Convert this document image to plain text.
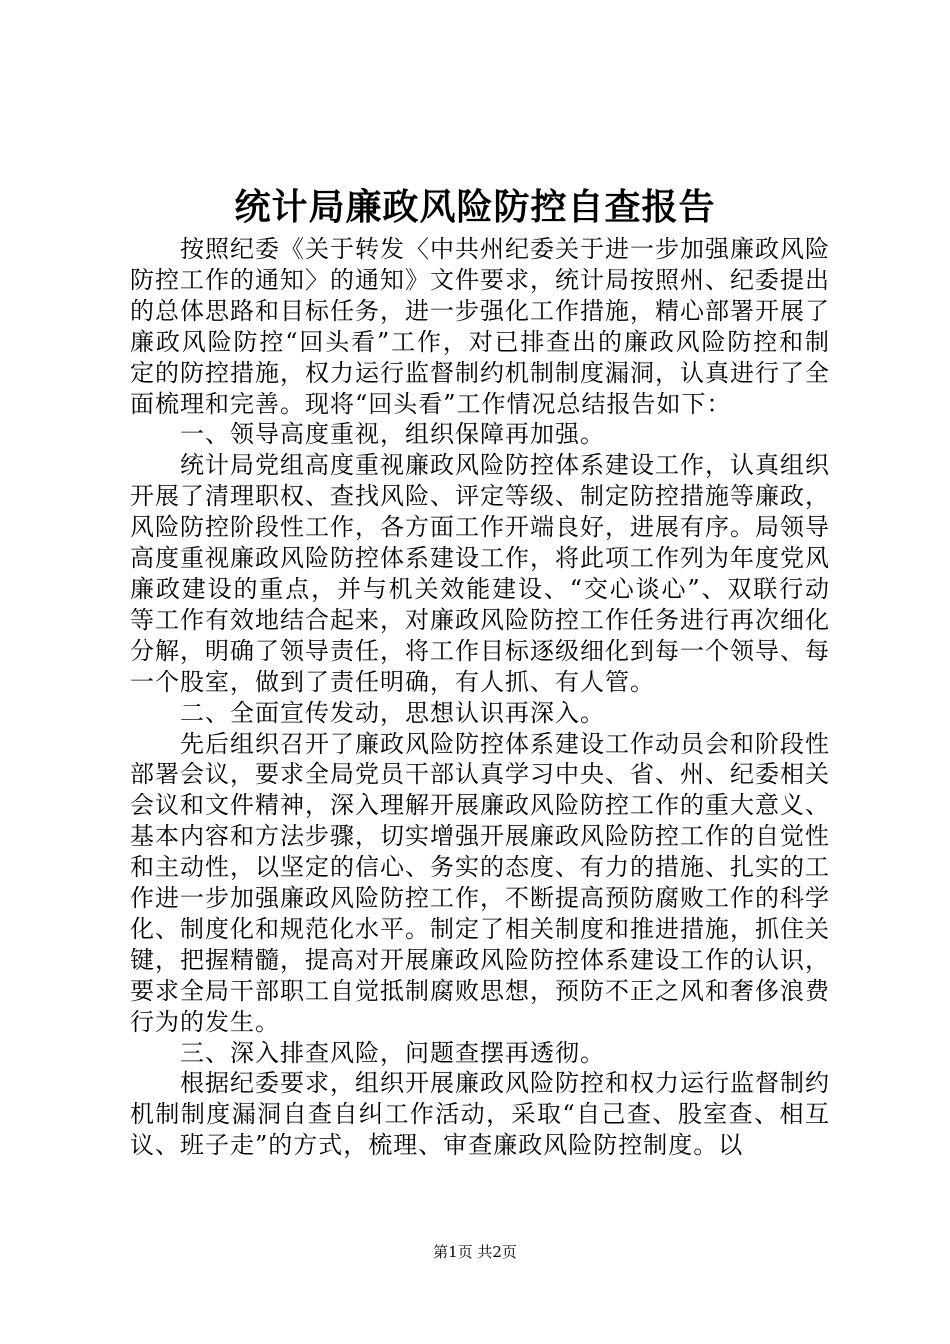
统计局廉政风险防控自查报告

按照纪委《关于转发〈中共州纪委关于进一步加强廉政风险防控工作的通知〉的通知》文件要求，统计局按照州、纪委提出的总体思路和目标任务，进一步强化工作措施，精心部署开展了廉政风险防控“回头看”工作，对已排查出的廉政风险防控和制定的防控措施，权力运行监督制约机制制度漏洞，认真进行了全面梳理和完善。现将“回头看”工作情况总结报告如下：

一、领导高度重视，组织保障再加强。

统计局党组高度重视廉政风险防控体系建设工作，认真组织开展了清理职权、查找风险、评定等级、制定防控措施等廉政，风险防控阶段性工作，各方面工作开端良好，进展有序。局领导高度重视廉政风险防控体系建设工作，将此项工作列为年度党风廉政建设的重点，并与机关效能建设、“交心谈心”、双联行动等工作有效地结合起来，对廉政风险防控工作任务进行再次细化分解，明确了领导责任，将工作目标逐级细化到每一个领导、每一个股室，做到了责任明确，有人抓、有人管。

二、全面宣传发动，思想认识再深入。

先后组织召开了廉政风险防控体系建设工作动员会和阶段性部署会议，要求全局党员干部认真学习中央、省、州、纪委相关会议和文件精神，深入理解开展廉政风险防控工作的重大意义、基本内容和方法步骤，切实增强开展廉政风险防控工作的自觉性和主动性，以坚定的信心、务实的态度、有力的措施、扎实的工作进一步加强廉政风险防控工作，不断提高预防腐败工作的科学化、制度化和规范化水平。制定了相关制度和推进措施，抓住关键，把握精髓，提高对开展廉政风险防控体系建设工作的认识，要求全局干部职工自觉抵制腐败思想，预防不正之风和奢侈浪费行为的发生。

三、深入排查风险，问题查摆再透彻。

根据纪委要求，组织开展廉政风险防控和权力运行监督制约机制制度漏洞自查自纠工作活动，采取“自己查、股室查、相互议、班子走”的方式，梳理、审查廉政风险防控制度。以

第1页 共2页
